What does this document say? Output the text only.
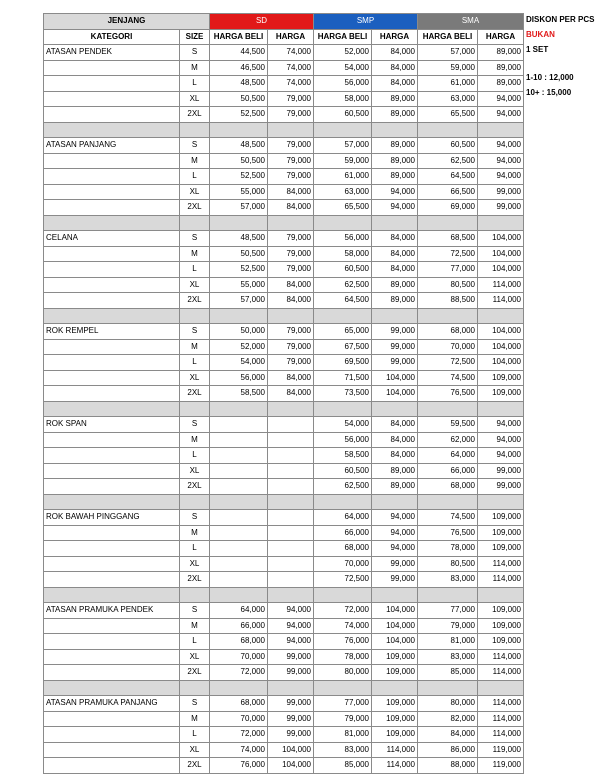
JENJANG		SD		SMP		SMA	
KATEGORI	SIZE	HARGA BELI	HARGA	HARGA BELI	HARGA	HARGA BELI	HARGA
ATASAN PENDEK	S	44,500	74,000	52,000	84,000	57,000	89,000
	M	46,500	74,000	54,000	84,000	59,000	89,000
	L	48,500	74,000	56,000	84,000	61,000	89,000
	XL	50,500	79,000	58,000	89,000	63,000	94,000
	2XL	52,500	79,000	60,500	89,000	65,500	94,000

ATASAN PANJANG	S	48,500	79,000	57,000	89,000	60,500	94,000
	M	50,500	79,000	59,000	89,000	62,500	94,000
	L	52,500	79,000	61,000	89,000	64,500	94,000
	XL	55,000	84,000	63,000	94,000	66,500	99,000
	2XL	57,000	84,000	65,500	94,000	69,000	99,000

CELANA	S	48,500	79,000	56,000	84,000	68,500	104,000
	M	50,500	79,000	58,000	84,000	72,500	104,000
	L	52,500	79,000	60,500	84,000	77,000	104,000
	XL	55,000	84,000	62,500	89,000	80,500	114,000
	2XL	57,000	84,000	64,500	89,000	88,500	114,000

ROK REMPEL	S	50,000	79,000	65,000	99,000	68,000	104,000
	M	52,000	79,000	67,500	99,000	70,000	104,000
	L	54,000	79,000	69,500	99,000	72,500	104,000
	XL	56,000	84,000	71,500	104,000	74,500	109,000
	2XL	58,500	84,000	73,500	104,000	76,500	109,000

ROK SPAN	S			54,000	84,000	59,500	94,000
	M			56,000	84,000	62,000	94,000
	L			58,500	84,000	64,000	94,000
	XL			60,500	89,000	66,000	99,000
	2XL			62,500	89,000	68,000	99,000

ROK BAWAH PINGGANG	S			64,000	94,000	74,500	109,000
	M			66,000	94,000	76,500	109,000
	L			68,000	94,000	78,000	109,000
	XL			70,000	99,000	80,500	114,000
	2XL			72,500	99,000	83,000	114,000

ATASAN PRAMUKA PENDEK	S	64,000	94,000	72,000	104,000	77,000	109,000
	M	66,000	94,000	74,000	104,000	79,000	109,000
	L	68,000	94,000	76,000	104,000	81,000	109,000
	XL	70,000	99,000	78,000	109,000	83,000	114,000
	2XL	72,000	99,000	80,000	109,000	85,000	114,000

ATASAN PRAMUKA PANJANG	S	68,000	99,000	77,000	109,000	80,000	114,000
	M	70,000	99,000	79,000	109,000	82,000	114,000
	L	72,000	99,000	81,000	109,000	84,000	114,000
	XL	74,000	104,000	83,000	114,000	86,000	119,000
	2XL	76,000	104,000	85,000	114,000	88,000	119,000
DISKON PER PCS
BUKAN
1 SET
1-10 : 12,000
10+ : 15,000
